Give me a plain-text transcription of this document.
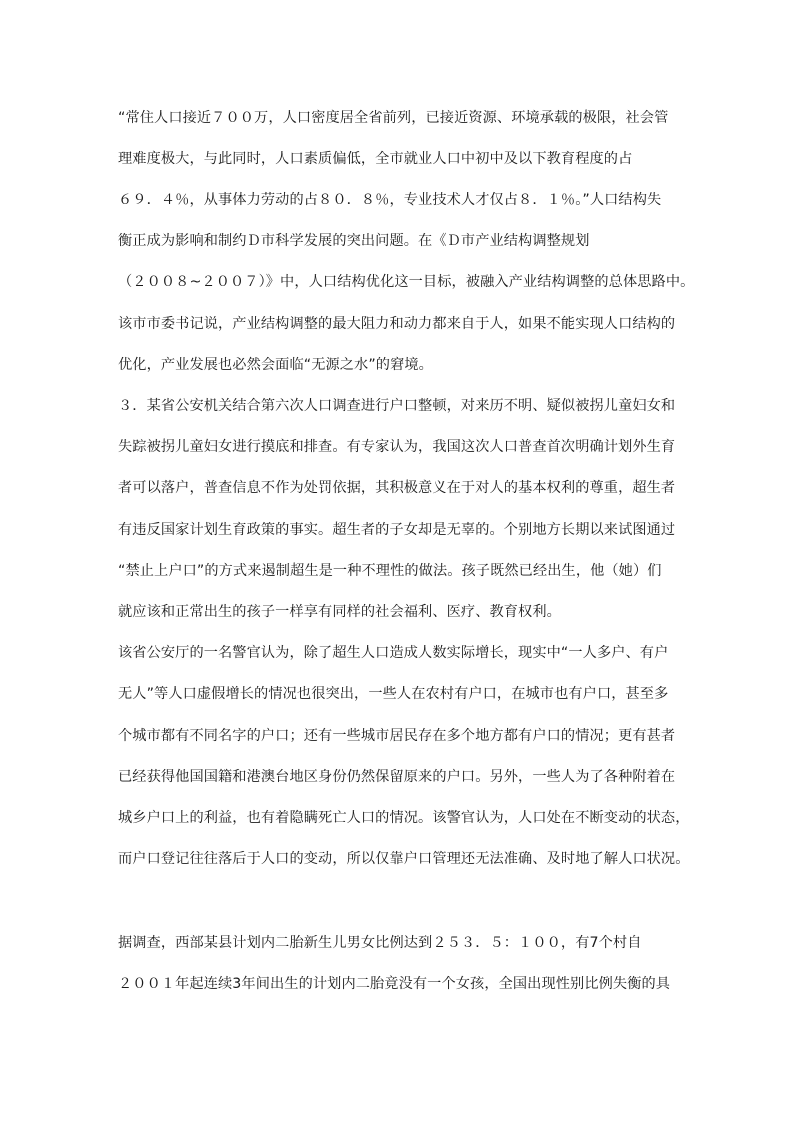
“常住人口接近７００万，人口密度居全省前列，已接近资源、环境承载的极限，社会管
理难度极大，与此同时，人口素质偏低，全市就业人口中初中及以下教育程度的占
６９．４％，从事体力劳动的占８０．８％，专业技术人才仅占８．１％。”人口结构失
衡正成为影响和制约Ｄ市科学发展的突出问题。在《Ｄ市产业结构调整规划
（２００８~２００７）》中，人口结构优化这一目标，被融入产业结构调整的总体思路中。
该市市委书记说，产业结构调整的最大阻力和动力都来自于人，如果不能实现人口结构的
优化，产业发展也必然会面临“无源之水”的窘境。
３．某省公安机关结合第六次人口调查进行户口整顿，对来历不明、疑似被拐儿童妇女和
失踪被拐儿童妇女进行摸底和排查。有专家认为，我国这次人口普查首次明确计划外生育
者可以落户，普查信息不作为处罚依据，其积极意义在于对人的基本权利的尊重，超生者
有违反国家计划生育政策的事实。超生者的子女却是无辜的。个别地方长期以来试图通过
“禁止上户口”的方式来遏制超生是一种不理性的做法。孩子既然已经出生，他（她）们
就应该和正常出生的孩子一样享有同样的社会福利、医疗、教育权利。
该省公安厅的一名警官认为，除了超生人口造成人数实际增长，现实中“一人多户、有户
无人”等人口虚假增长的情况也很突出，一些人在农村有户口，在城市也有户口，甚至多
个城市都有不同名字的户口；还有一些城市居民存在多个地方都有户口的情况；更有甚者
已经获得他国国籍和港澳台地区身份仍然保留原来的户口。另外，一些人为了各种附着在
城乡户口上的利益，也有着隐瞒死亡人口的情况。该警官认为，人口处在不断变动的状态，
而户口登记往往落后于人口的变动，所以仅靠户口管理还无法准确、及时地了解人口状况。
据调查，西部某县计划内二胎新生儿男女比例达到２５３．５：１００，有7个村自
２００１年起连续3年间出生的计划内二胎竟没有一个女孩，全国出现性别比例失衡的具
